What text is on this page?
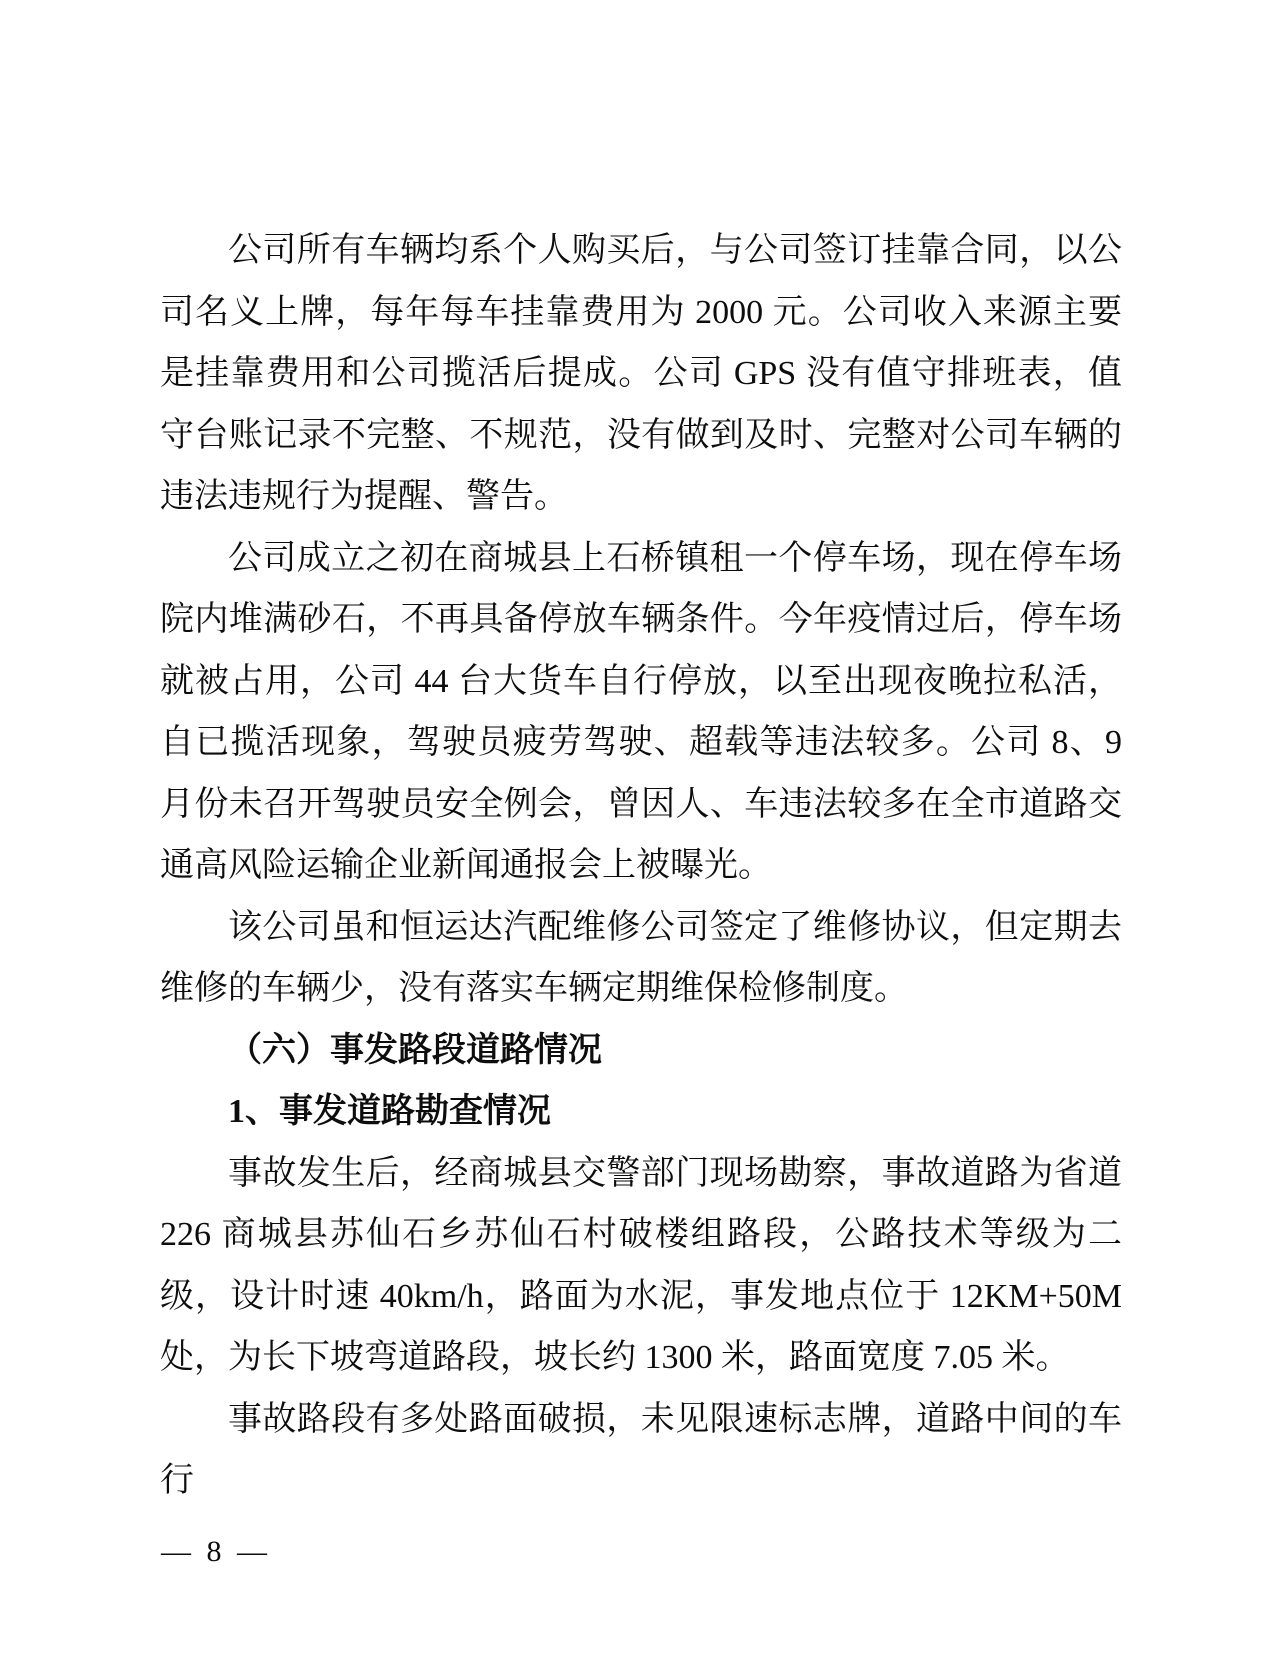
公司所有车辆均系个人购买后，与公司签订挂靠合同，以公司名义上牌，每年每车挂靠费用为 2000 元。公司收入来源主要是挂靠费用和公司揽活后提成。公司 GPS 没有值守排班表，值守台账记录不完整、不规范，没有做到及时、完整对公司车辆的违法违规行为提醒、警告。

公司成立之初在商城县上石桥镇租一个停车场，现在停车场院内堆满砂石，不再具备停放车辆条件。今年疫情过后，停车场就被占用，公司 44 台大货车自行停放，以至出现夜晚拉私活，自已揽活现象，驾驶员疲劳驾驶、超载等违法较多。公司 8、9 月份未召开驾驶员安全例会，曾因人、车违法较多在全市道路交通高风险运输企业新闻通报会上被曝光。

该公司虽和恒运达汽配维修公司签定了维修协议，但定期去维修的车辆少，没有落实车辆定期维保检修制度。

（六）事发路段道路情况
1、事发道路勘查情况

事故发生后，经商城县交警部门现场勘察，事故道路为省道 226 商城县苏仙石乡苏仙石村破楼组路段，公路技术等级为二级，设计时速 40km/h，路面为水泥，事发地点位于 12KM+50M 处，为长下坡弯道路段，坡长约 1300 米，路面宽度 7.05 米。

事故路段有多处路面破损，未见限速标志牌，道路中间的车行

— 8 —
